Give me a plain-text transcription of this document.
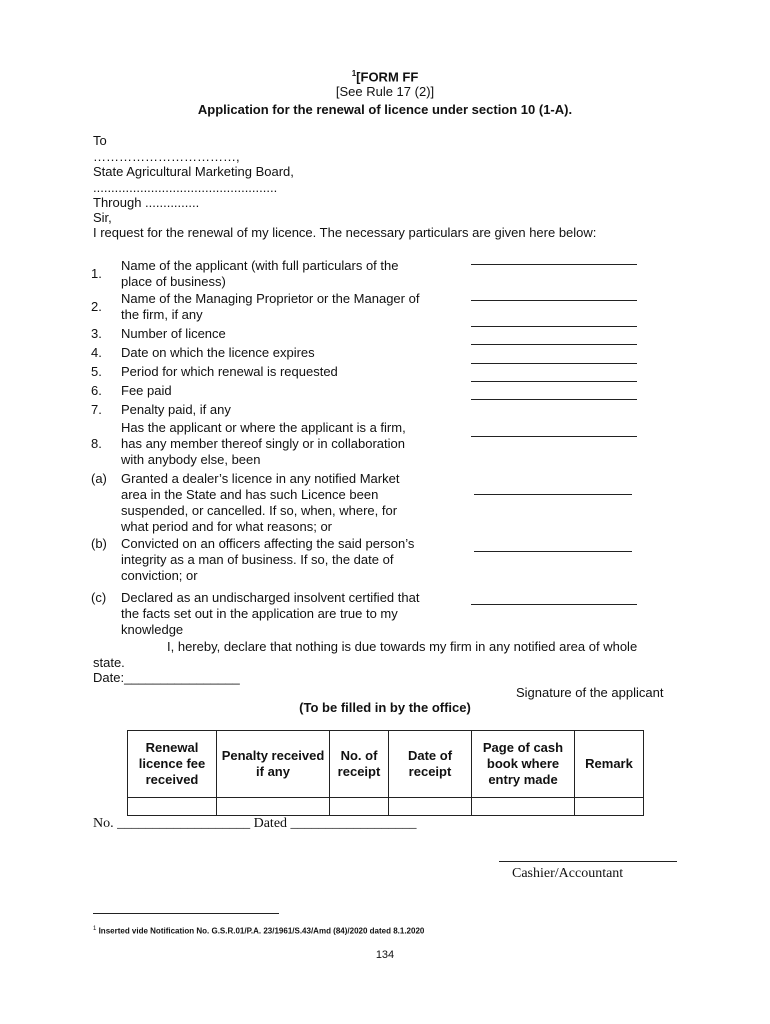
$^1$[FORM FF
[See Rule 17 (2)]
Application for the renewal of licence under section 10 (1-A).
To
……………………………,
State Agricultural Marketing Board,
...................................................
Through ...............
Sir,
I request for the renewal of my licence. The necessary particulars are given here below:
1.
Name of the applicant (with full particulars of the place of business)
2.
Name of the Managing Proprietor or the Manager of the firm, if any
3.	Number of licence
4.	Date on which the licence expires
5.	Period for which renewal is requested
6.	Fee paid
7.	Penalty paid, if any
8.
Has the applicant or where the applicant is a firm, has any member thereof singly or in collaboration with anybody else, been
(a)	Granted a dealer’s licence in any notified Market area in the State and has such Licence been suspended, or cancelled. If so, when, where, for what period and for what reasons; or
(b)	Convicted on an officers affecting the said person’s integrity as a man of business. If so, the date of conviction; or
(c)	Declared as an undischarged insolvent certified that the facts set out in the application are true to my knowledge
I, hereby, declare that nothing is due towards my firm in any notified area of whole
state.
Date:________________
Signature of the applicant
(To be filled in by the office)
Renewal licence fee received	Penalty received if any	No. of receipt	Date of receipt	Page of cash book where entry made	Remark

No. ___________________ Dated __________________
Cashier/Accountant
$^1$ Inserted vide Notification No. G.S.R.01/P.A. 23/1961/S.43/Amd (84)/2020 dated 8.1.2020
134
